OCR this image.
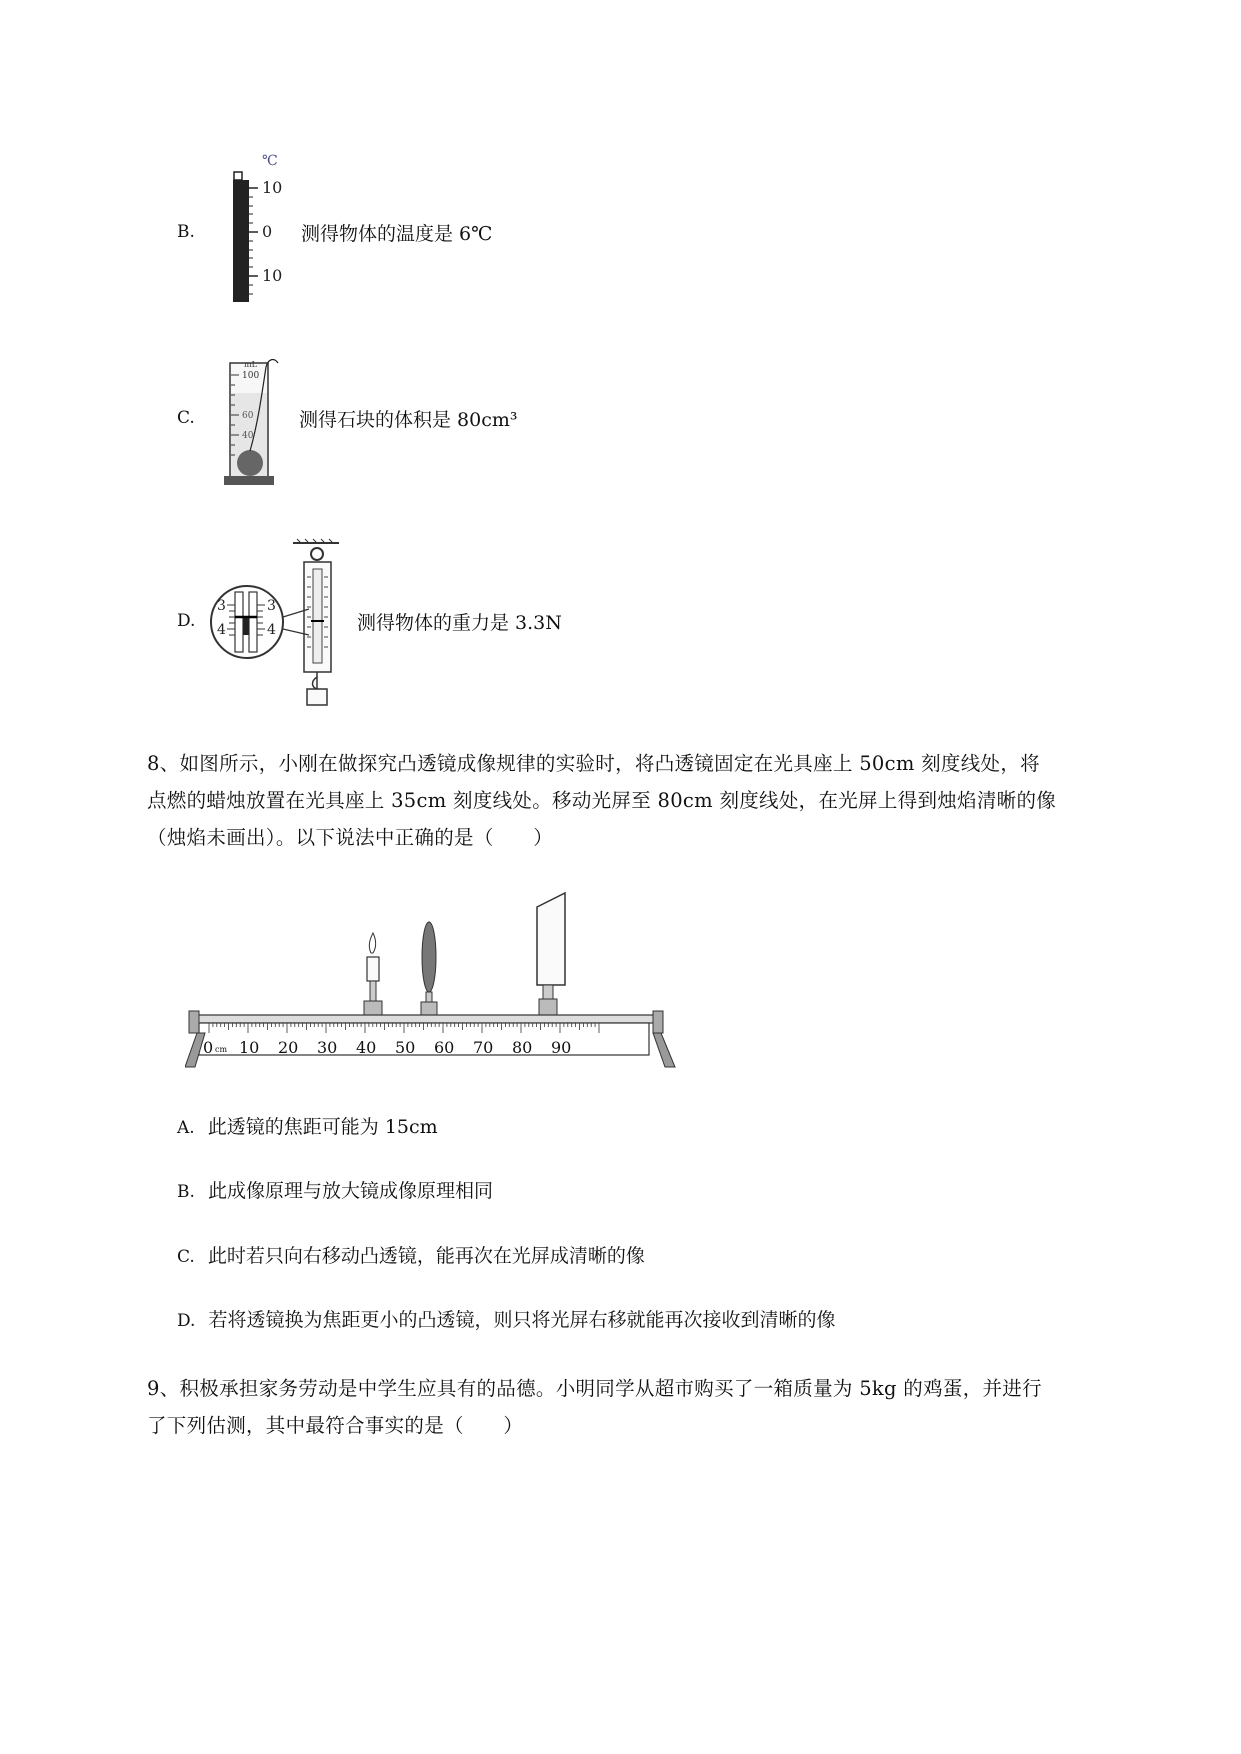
B.
℃
10
0
10
测得物体的温度是 6℃
C.
mL
100
60
40
测得石块的体积是 80cm³
D.
3
4
3
4	测得物体的重力是 3.3N
8、如图所示，小刚在做探究凸透镜成像规律的实验时，将凸透镜固定在光具座上 50cm 刻度线处，将
点燃的蜡烛放置在光具座上 35cm 刻度线处。移动光屏至 80cm 刻度线处，在光屏上得到烛焰清晰的像
（烛焰未画出）。以下说法中正确的是（　　）
0 cm 10 20 30 40 50 60 70 80 90
A. 此透镜的焦距可能为 15cm
B. 此成像原理与放大镜成像原理相同
C. 此时若只向右移动凸透镜，能再次在光屏成清晰的像
D. 若将透镜换为焦距更小的凸透镜，则只将光屏右移就能再次接收到清晰的像
9、积极承担家务劳动是中学生应具有的品德。小明同学从超市购买了一箱质量为 5kg 的鸡蛋，并进行
了下列估测，其中最符合事实的是（　　）
